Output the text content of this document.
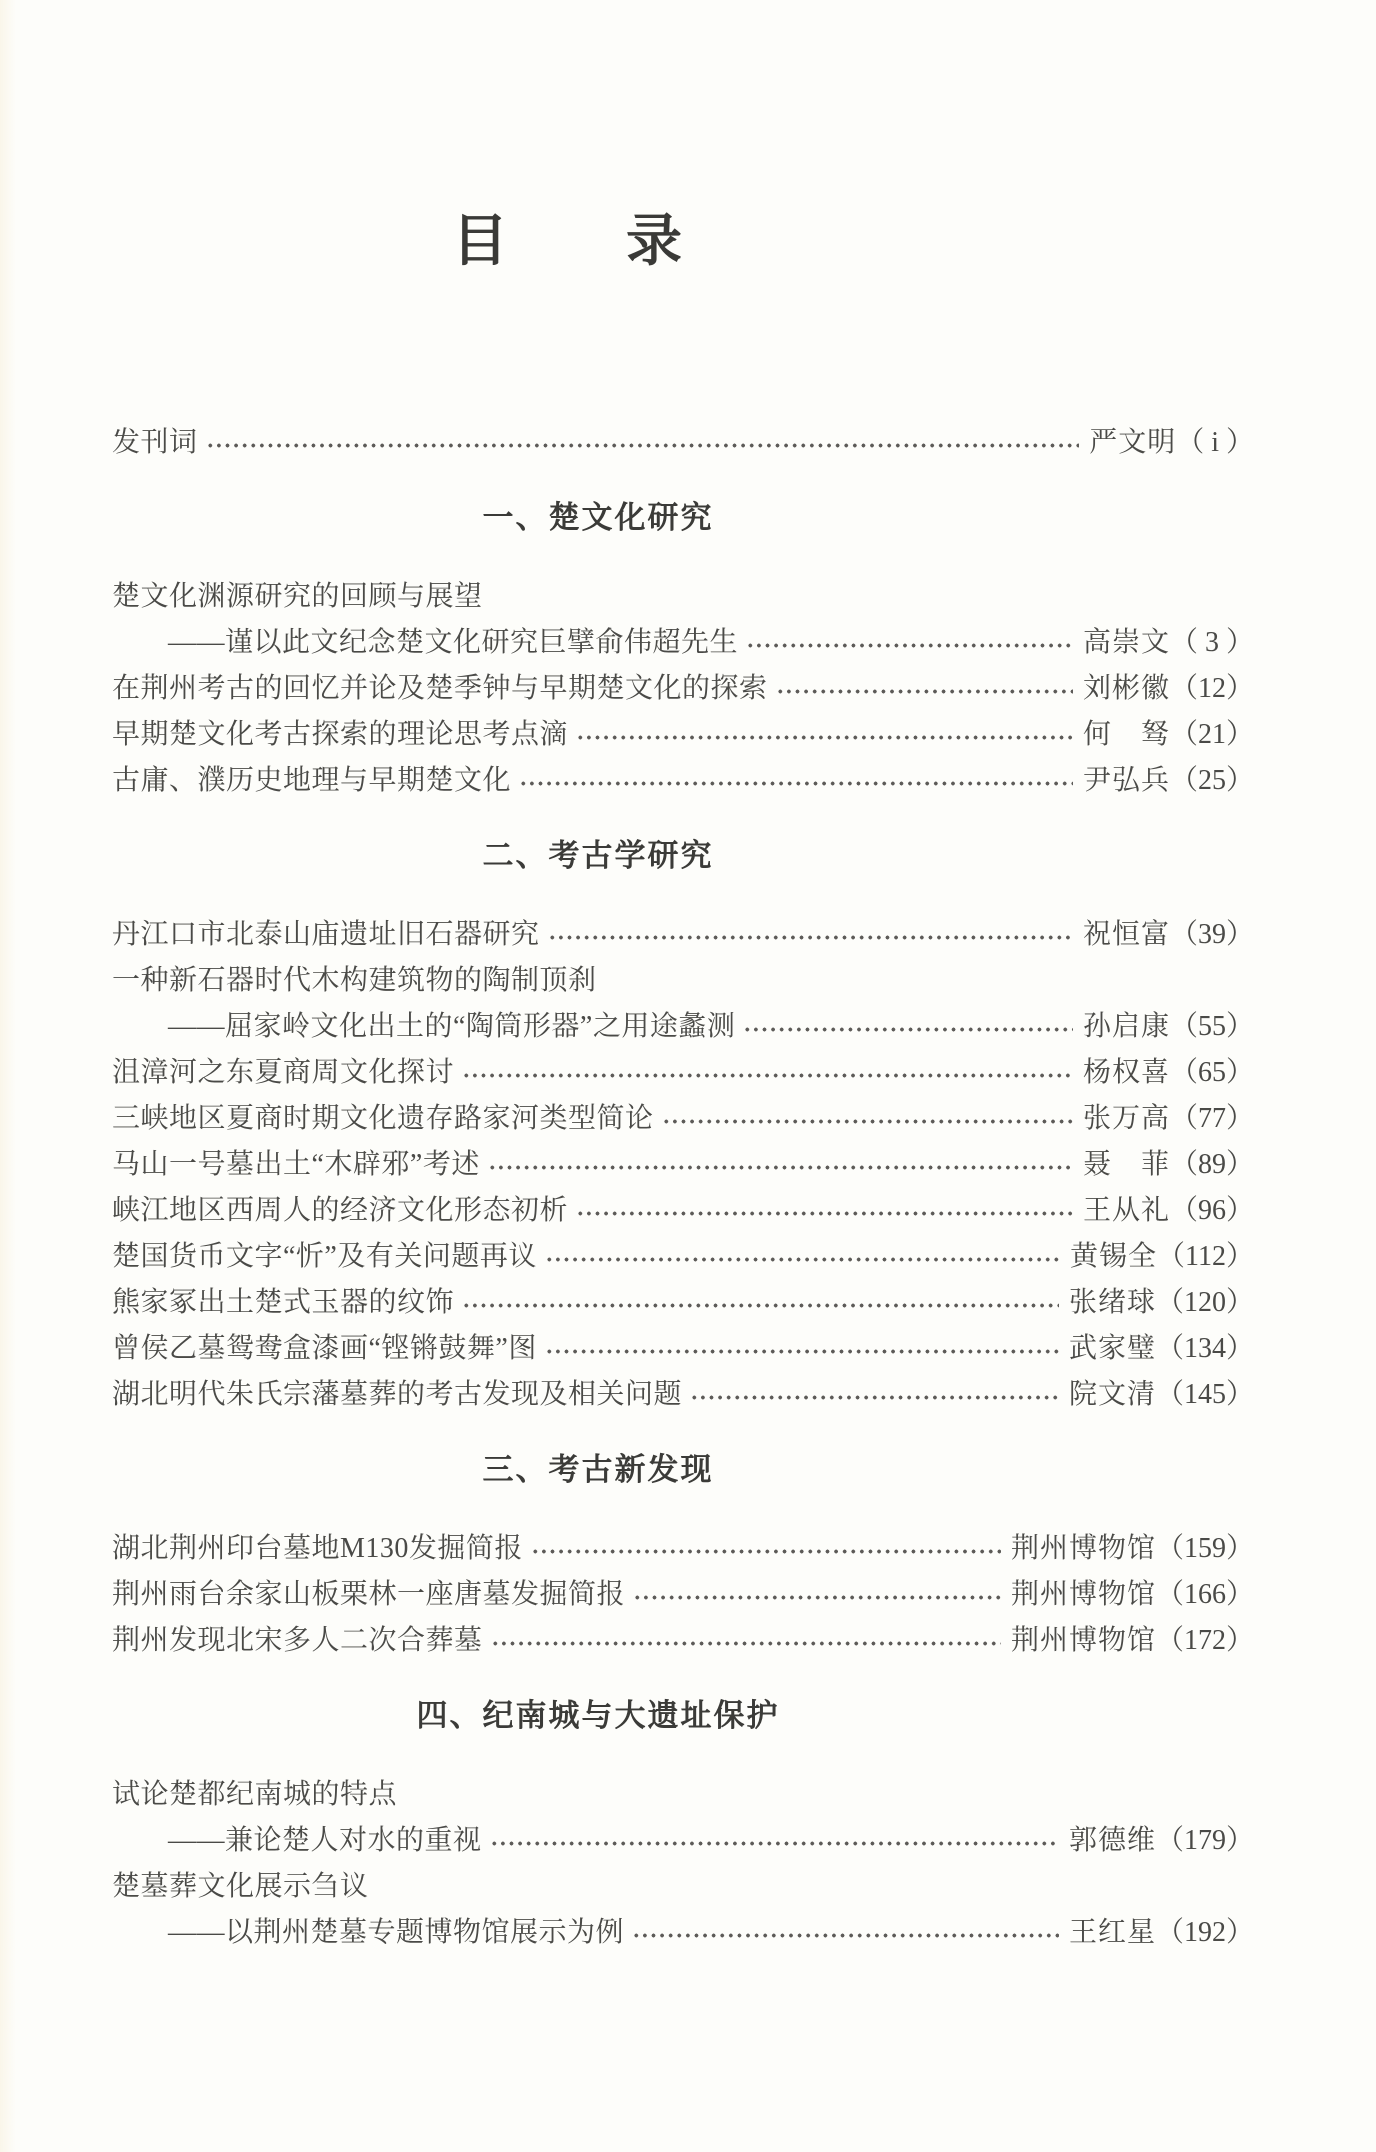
目　　录
发刊词	严文明 （ i ）
一、楚文化研究
楚文化渊源研究的回顾与展望
——谨以此文纪念楚文化研究巨擘俞伟超先生	高崇文 （ 3 ）
在荆州考古的回忆并论及楚季钟与早期楚文化的探索	刘彬徽 （12）
早期楚文化考古探索的理论思考点滴	何　驽 （21）
古庸、濮历史地理与早期楚文化	尹弘兵 （25）
二、考古学研究
丹江口市北泰山庙遗址旧石器研究	祝恒富 （39）
一种新石器时代木构建筑物的陶制顶刹
——屈家岭文化出土的“陶筒形器”之用途蠡测	孙启康 （55）
沮漳河之东夏商周文化探讨	杨权喜 （65）
三峡地区夏商时期文化遗存路家河类型简论	张万高 （77）
马山一号墓出土“木辟邪”考述	聂　菲 （89）
峡江地区西周人的经济文化形态初析	王从礼 （96）
楚国货币文字“忻”及有关问题再议	黄锡全 （112）
熊家冢出土楚式玉器的纹饰	张绪球 （120）
曾侯乙墓鸳鸯盒漆画“铿锵鼓舞”图	武家璧 （134）
湖北明代朱氏宗藩墓葬的考古发现及相关问题	院文清 （145）
三、考古新发现
湖北荆州印台墓地M130发掘简报	荆州博物馆 （159）
荆州雨台余家山板栗林一座唐墓发掘简报	荆州博物馆 （166）
荆州发现北宋多人二次合葬墓	荆州博物馆 （172）
四、纪南城与大遗址保护
试论楚都纪南城的特点
——兼论楚人对水的重视	郭德维 （179）
楚墓葬文化展示刍议
——以荆州楚墓专题博物馆展示为例	王红星 （192）
